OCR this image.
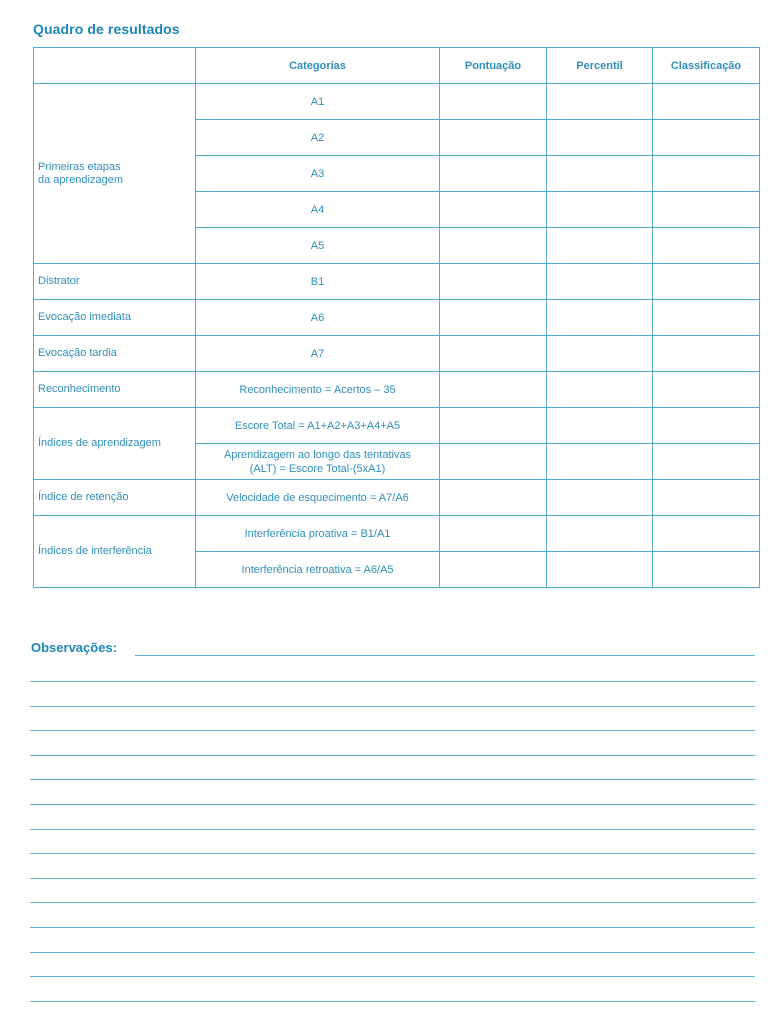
Quadro de resultados
	Categorias	Pontuação	Percentil	Classificação
Primeiras etapas
da aprendizagem	A1			
	A2			
	A3			
	A4			
	A5			
Distrator	B1			
Evocação imediata	A6			
Evocação tardia	A7			
Reconhecimento	Reconhecimento = Acertos – 35			
Índices de aprendizagem	Escore Total = A1+A2+A3+A4+A5			
	Aprendizagem ao longo das tentativas
(ALT) = Escore Total-(5xA1)			
Índice de retenção	Velocidade de esquecimento = A7/A6			
Índices de interferência	Interferência proativa = B1/A1			
	Interferência retroativa = A6/A5			
Observações:
